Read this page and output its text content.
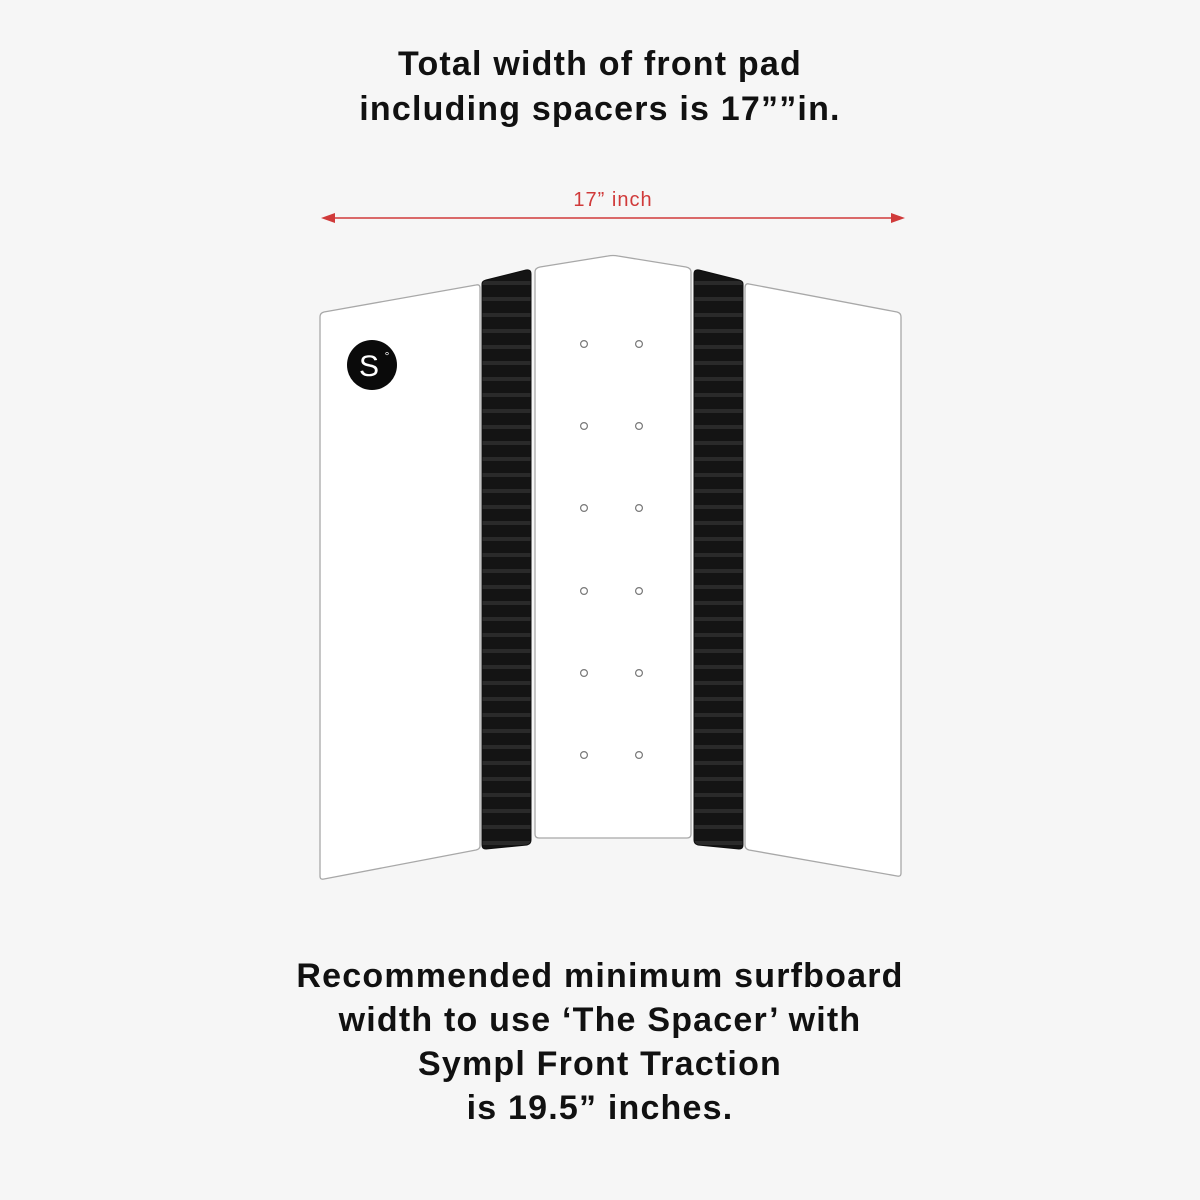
Total width of front pad
including spacers is 17””in.
17” inch
S °
Recommended minimum surfboard
width to use ‘The Spacer’ with
Sympl Front Traction
is 19.5” inches.
